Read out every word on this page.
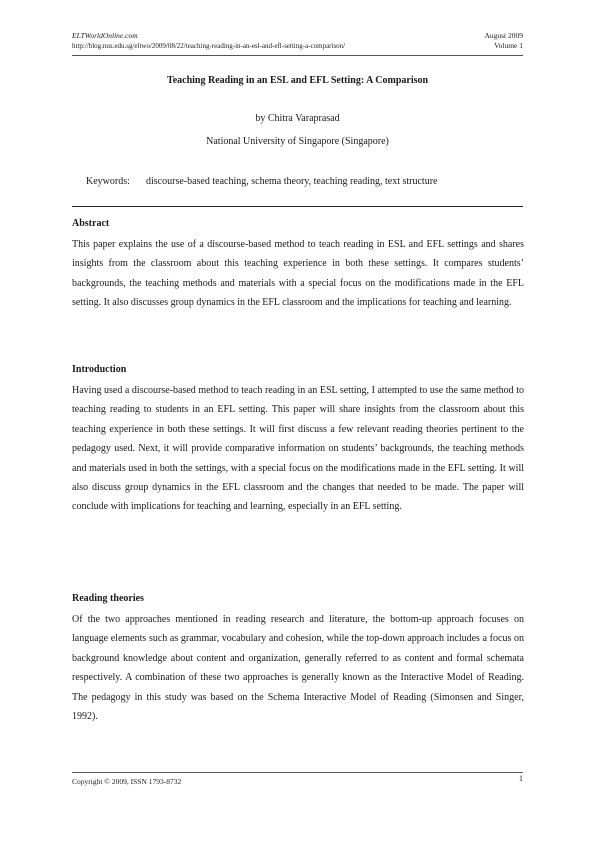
ELTWorldOnline.com
http://blog.nus.edu.sg/eltwo/2009/08/22/teaching-reading-in-an-esl-and-efl-setting-a-comparison/
August 2009
Volume 1
Teaching Reading in an ESL and EFL Setting: A Comparison
by Chitra Varaprasad
National University of Singapore (Singapore)
Keywords: discourse-based teaching, schema theory, teaching reading, text structure
Abstract

This paper explains the use of a discourse-based method to teach reading in ESL and EFL settings and shares insights from the classroom about this teaching experience in both these settings. It compares students’ backgrounds, the teaching methods and materials with a special focus on the modifications made in the EFL setting. It also discusses group dynamics in the EFL classroom and the implications for teaching and learning.

Introduction

Having used a discourse-based method to teach reading in an ESL setting, I attempted to use the same method to teaching reading to students in an EFL setting. This paper will share insights from the classroom about this teaching experience in both these settings. It will first discuss a few relevant reading theories pertinent to the pedagogy used. Next, it will provide comparative information on students’ backgrounds, the teaching methods and materials used in both the settings, with a special focus on the modifications made in the EFL setting. It will also discuss group dynamics in the EFL classroom and the changes that needed to be made. The paper will conclude with implications for teaching and learning, especially in an EFL setting.

Reading theories

Of the two approaches mentioned in reading research and literature, the bottom-up approach focuses on language elements such as grammar, vocabulary and cohesion, while the top-down approach includes a focus on background knowledge about content and organization, generally referred to as content and formal schemata respectively. A combination of these two approaches is generally known as the Interactive Model of Reading. The pedagogy in this study was based on the Schema Interactive Model of Reading (Simonsen and Singer, 1992).

Copyright © 2009, ISSN 1793-8732	1
